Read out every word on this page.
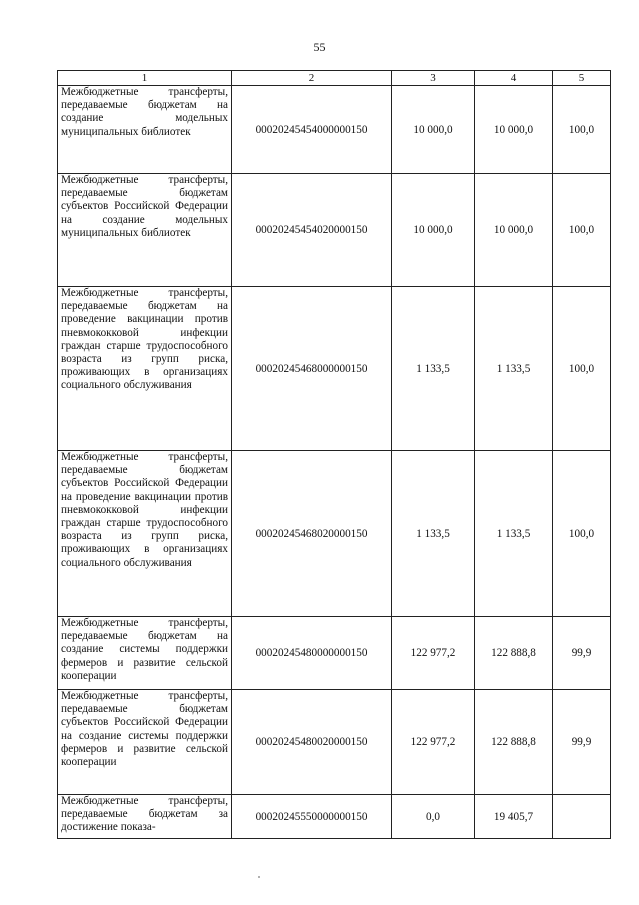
55
1	2	3	4	5
Межбюджетные трансферты, передаваемые бюджетам на создание модельных муниципальных библиотек	00020245454000000150	10 000,0	10 000,0	100,0
Межбюджетные трансферты, передаваемые бюджетам субъектов Российской Федерации на создание модельных муниципальных библиотек	00020245454020000150	10 000,0	10 000,0	100,0
Межбюджетные трансферты, передаваемые бюджетам на проведение вакцинации против пневмококковой инфекции граждан старше трудоспособного возраста из групп риска, проживающих в организациях социального обслуживания	00020245468000000150	1 133,5	1 133,5	100,0
Межбюджетные трансферты, передаваемые бюджетам субъектов Российской Федерации на проведение вакцинации против пневмококковой инфекции граждан старше трудоспособного возраста из групп риска, проживающих в организациях социального обслуживания	00020245468020000150	1 133,5	1 133,5	100,0
Межбюджетные трансферты, передаваемые бюджетам на создание системы поддержки фермеров и развитие сельской кооперации	00020245480000000150	122 977,2	122 888,8	99,9
Межбюджетные трансферты, передаваемые бюджетам субъектов Российской Федерации на создание системы поддержки фермеров и развитие сельской кооперации	00020245480020000150	122 977,2	122 888,8	99,9
Межбюджетные трансферты, передаваемые бюджетам за достижение показа-	00020245550000000150	0,0	19 405,7	
